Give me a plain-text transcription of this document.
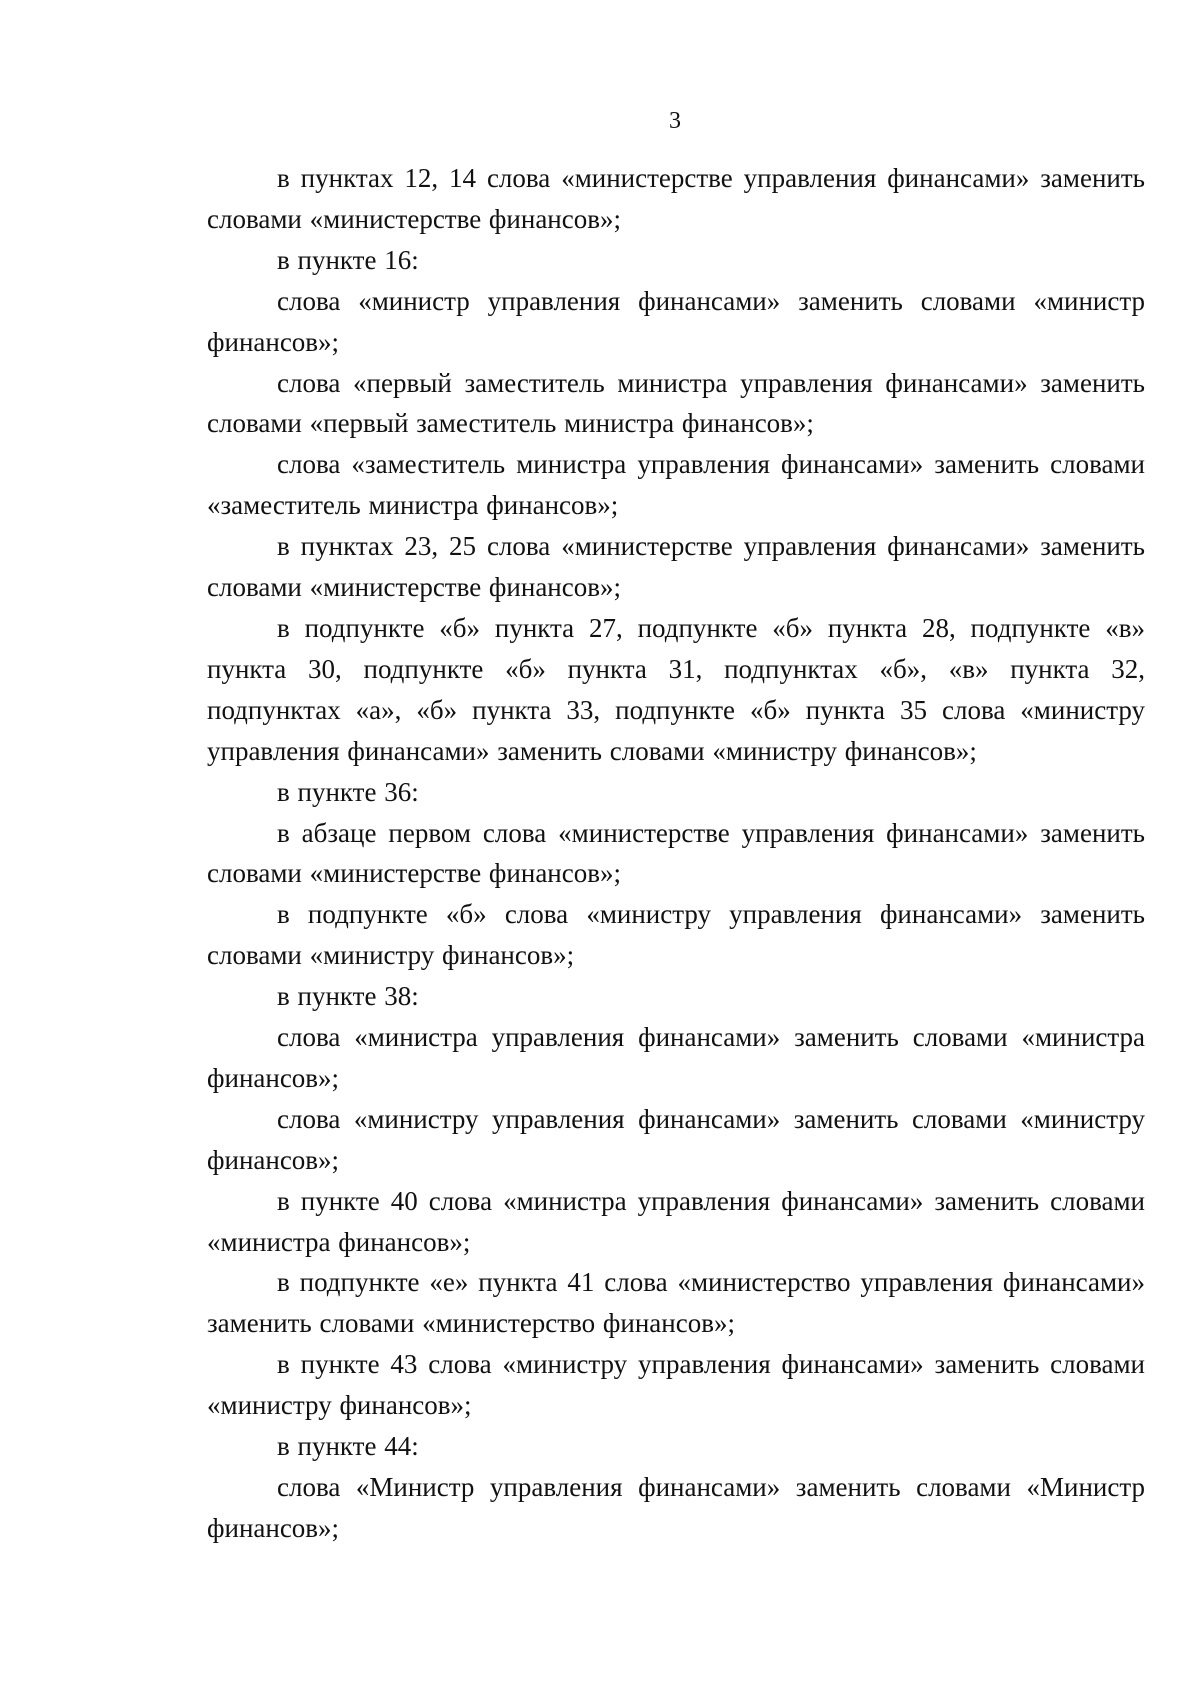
3

в пунктах 12, 14 слова «министерстве управления финансами» заменить словами «министерстве финансов»;

в пункте 16:

слова «министр управления финансами» заменить словами «министр финансов»;

слова «первый заместитель министра управления финансами» заменить словами «первый заместитель министра финансов»;

слова «заместитель министра управления финансами» заменить словами «заместитель министра финансов»;

в пунктах 23, 25 слова «министерстве управления финансами» заменить словами «министерстве финансов»;

в подпункте «б» пункта 27, подпункте «б» пункта 28, подпункте «в» пункта 30, подпункте «б» пункта 31, подпунктах «б», «в» пункта 32, подпунктах «а», «б» пункта 33, подпункте «б» пункта 35 слова «министру управления финансами» заменить словами «министру финансов»;

в пункте 36:

в абзаце первом слова «министерстве управления финансами» заменить словами «министерстве финансов»;

в подпункте «б» слова «министру управления финансами» заменить словами «министру финансов»;

в пункте 38:

слова «министра управления финансами» заменить словами «министра финансов»;

слова «министру управления финансами» заменить словами «министру финансов»;

в пункте 40 слова «министра управления финансами» заменить словами «министра финансов»;

в подпункте «е» пункта 41 слова «министерство управления финансами» заменить словами «министерство финансов»;

в пункте 43 слова «министру управления финансами» заменить словами «министру финансов»;

в пункте 44:

слова «Министр управления финансами» заменить словами «Министр финансов»;
